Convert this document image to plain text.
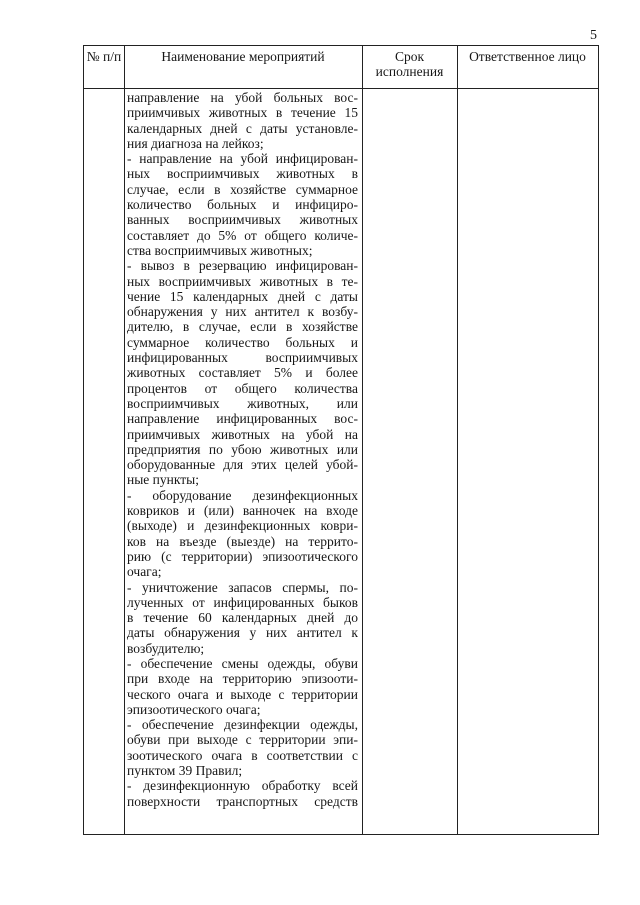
5
№ п/п	Наименование мероприятий	Срок исполнения
Ответственное лицо
направление на убой больных вос-
приимчивых животных в течение 15
календарных дней с даты установле-
ния диагноза на лейкоз;
- направление на убой инфицирован-
ных восприимчивых животных в
случае, если в хозяйстве суммарное
количество больных и инфициро-
ванных восприимчивых животных
составляет до 5% от общего количе-
ства восприимчивых животных;
- вывоз в резервацию инфицирован-
ных восприимчивых животных в те-
чение 15 календарных дней с даты
обнаружения у них антител к возбу-
дителю, в случае, если в хозяйстве
суммарное количество больных и
инфицированных восприимчивых
животных составляет 5% и более
процентов от общего количества
восприимчивых животных, или
направление инфицированных вос-
приимчивых животных на убой на
предприятия по убою животных или
оборудованные для этих целей убой-
ные пункты;
- оборудование дезинфекционных
ковриков и (или) ванночек на входе
(выходе) и дезинфекционных коври-
ков на въезде (выезде) на террито-
рию (с территории) эпизоотического
очага;
- уничтожение запасов спермы, по-
лученных от инфицированных быков
в течение 60 календарных дней до
даты обнаружения у них антител к
возбудителю;
- обеспечение смены одежды, обуви
при входе на территорию эпизооти-
ческого очага и выходе с территории
эпизоотического очага;
- обеспечение дезинфекции одежды,
обуви при выходе с территории эпи-
зоотического очага в соответствии с
пунктом 39 Правил;
- дезинфекционную обработку всей
поверхности транспортных средств
